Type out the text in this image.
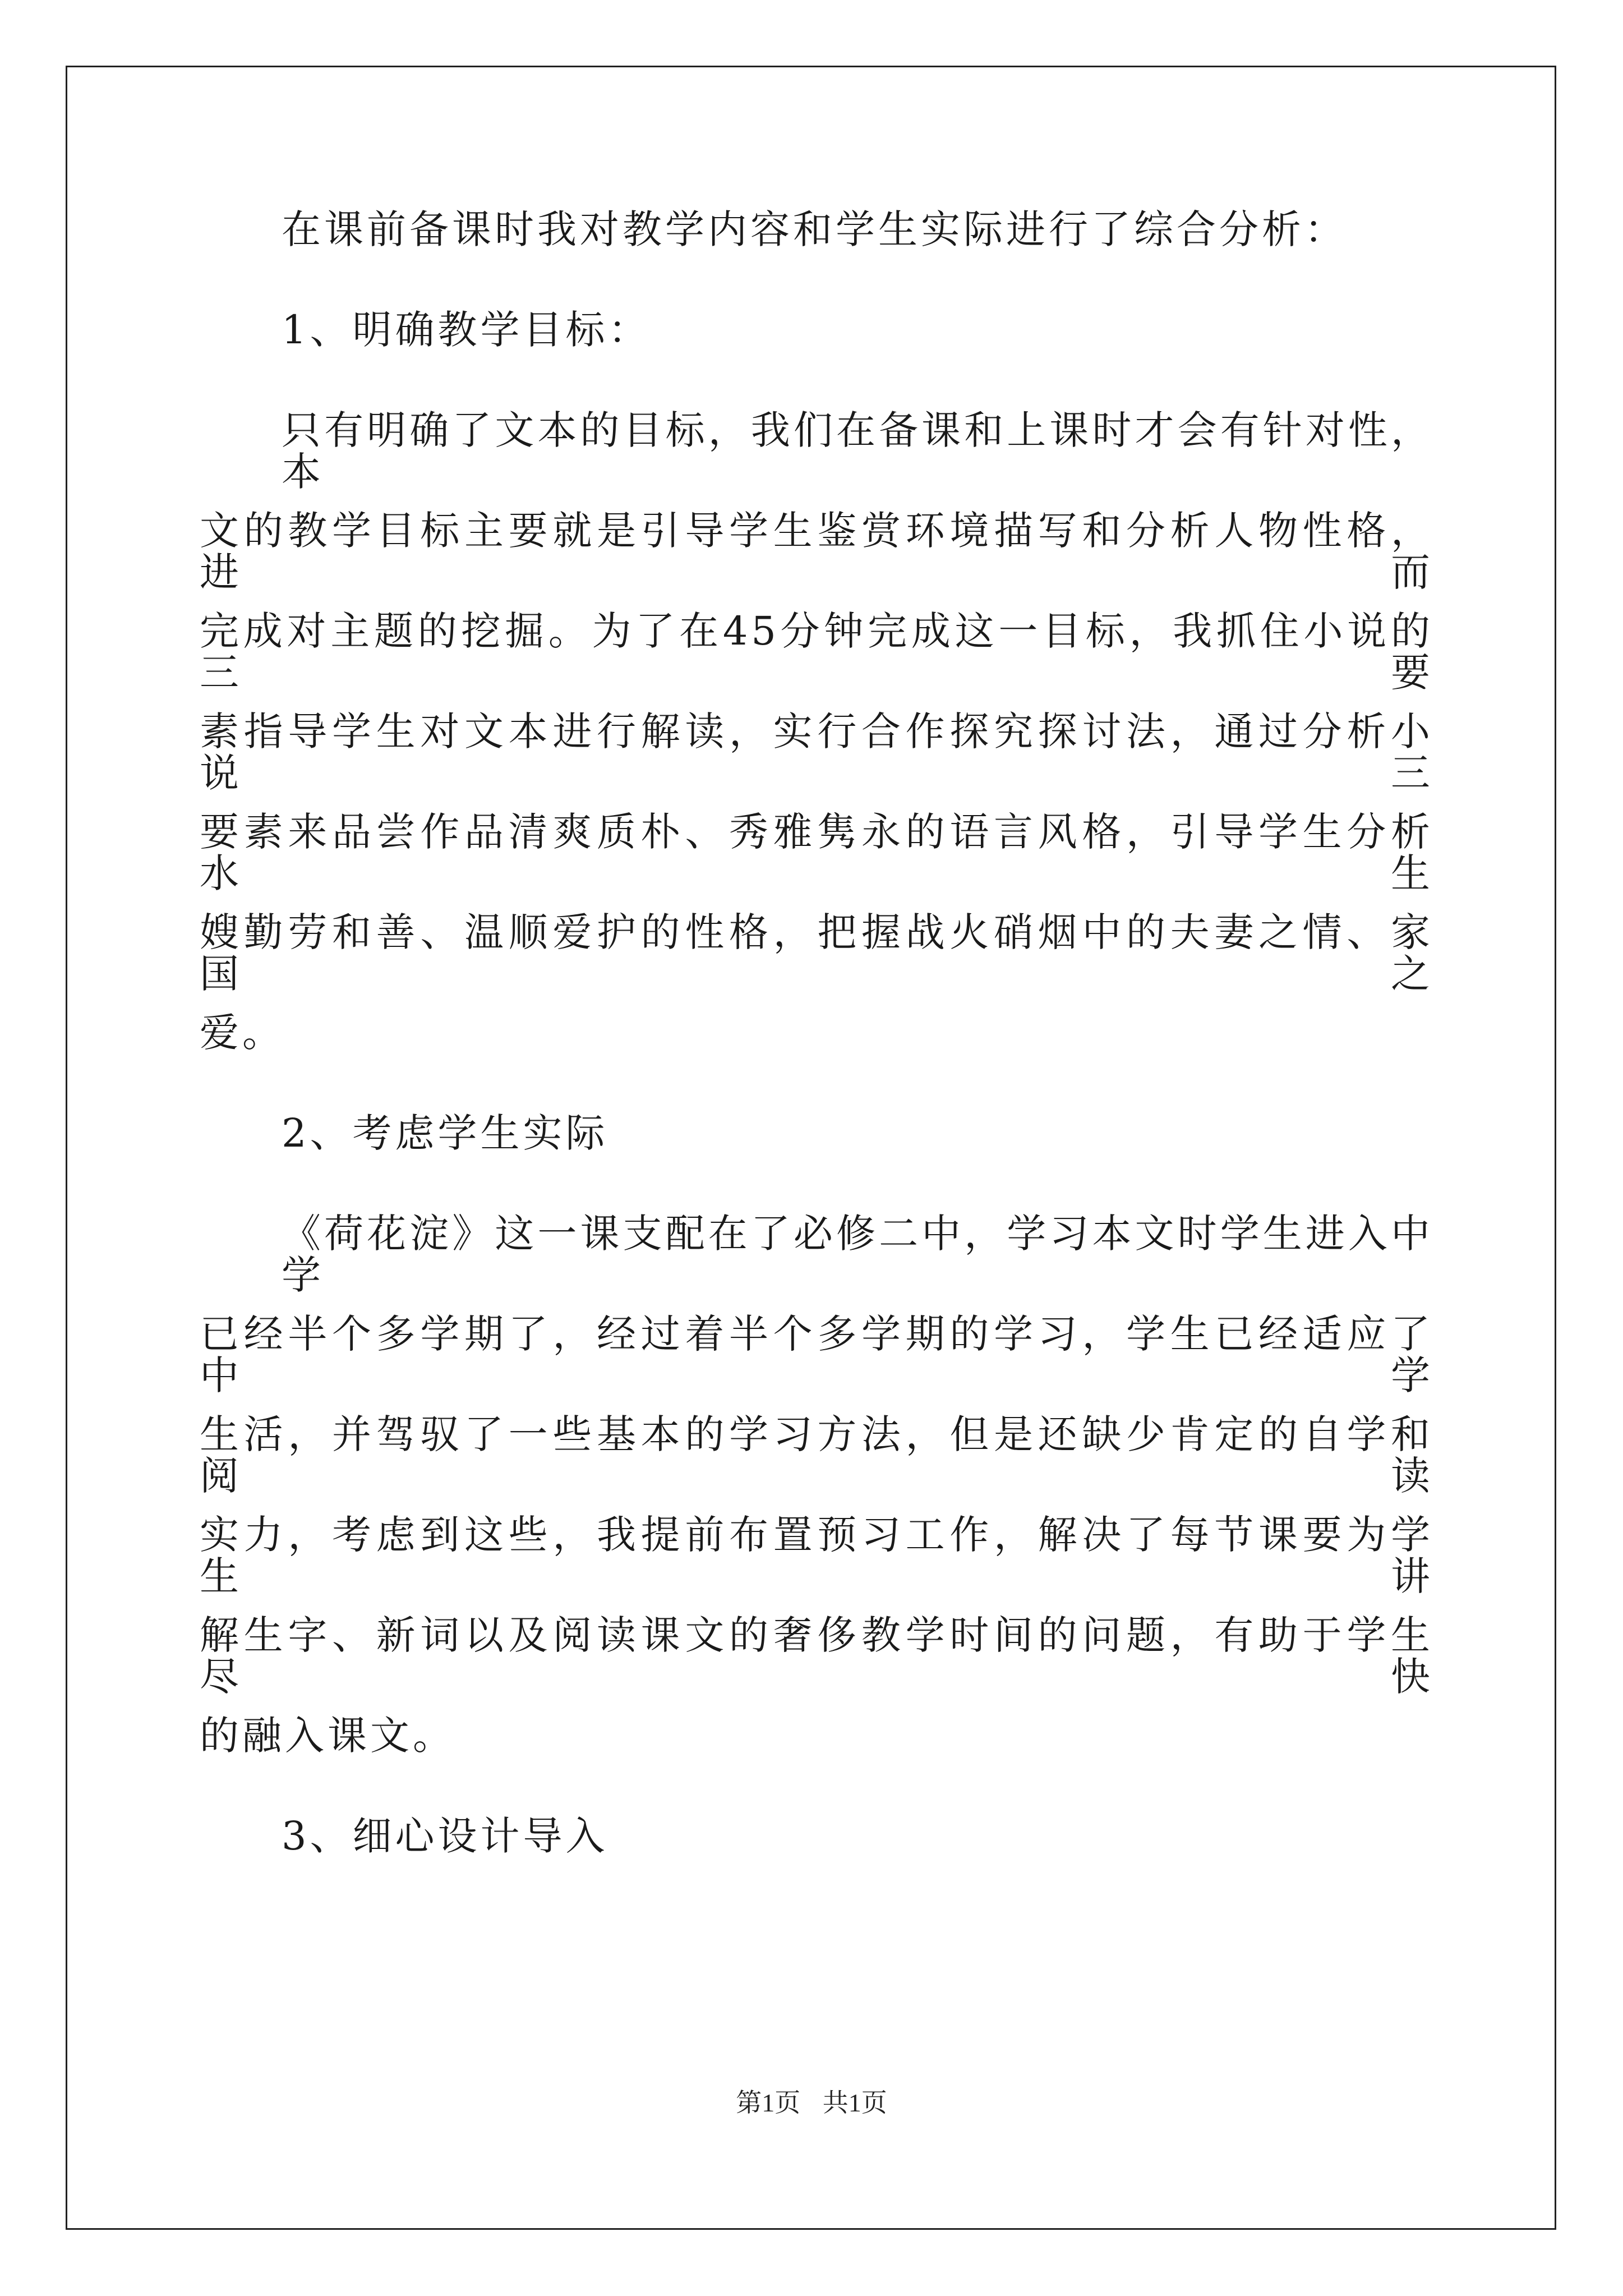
在课前备课时我对教学内容和学生实际进行了综合分析：
1、明确教学目标：
只有明确了文本的目标，我们在备课和上课时才会有针对性，本
文的教学目标主要就是引导学生鉴赏环境描写和分析人物性格，进而
完成对主题的挖掘。为了在45分钟完成这一目标，我抓住小说的三要
素指导学生对文本进行解读，实行合作探究探讨法，通过分析小说三
要素来品尝作品清爽质朴、秀雅隽永的语言风格，引导学生分析水生
嫂勤劳和善、温顺爱护的性格，把握战火硝烟中的夫妻之情、家国之
爱。
2、考虑学生实际
《荷花淀》这一课支配在了必修二中，学习本文时学生进入中学
已经半个多学期了，经过着半个多学期的学习，学生已经适应了中学
生活，并驾驭了一些基本的学习方法，但是还缺少肯定的自学和阅读
实力，考虑到这些，我提前布置预习工作，解决了每节课要为学生讲
解生字、新词以及阅读课文的奢侈教学时间的问题，有助于学生尽快
的融入课文。
3、细心设计导入
第1页 共1页
